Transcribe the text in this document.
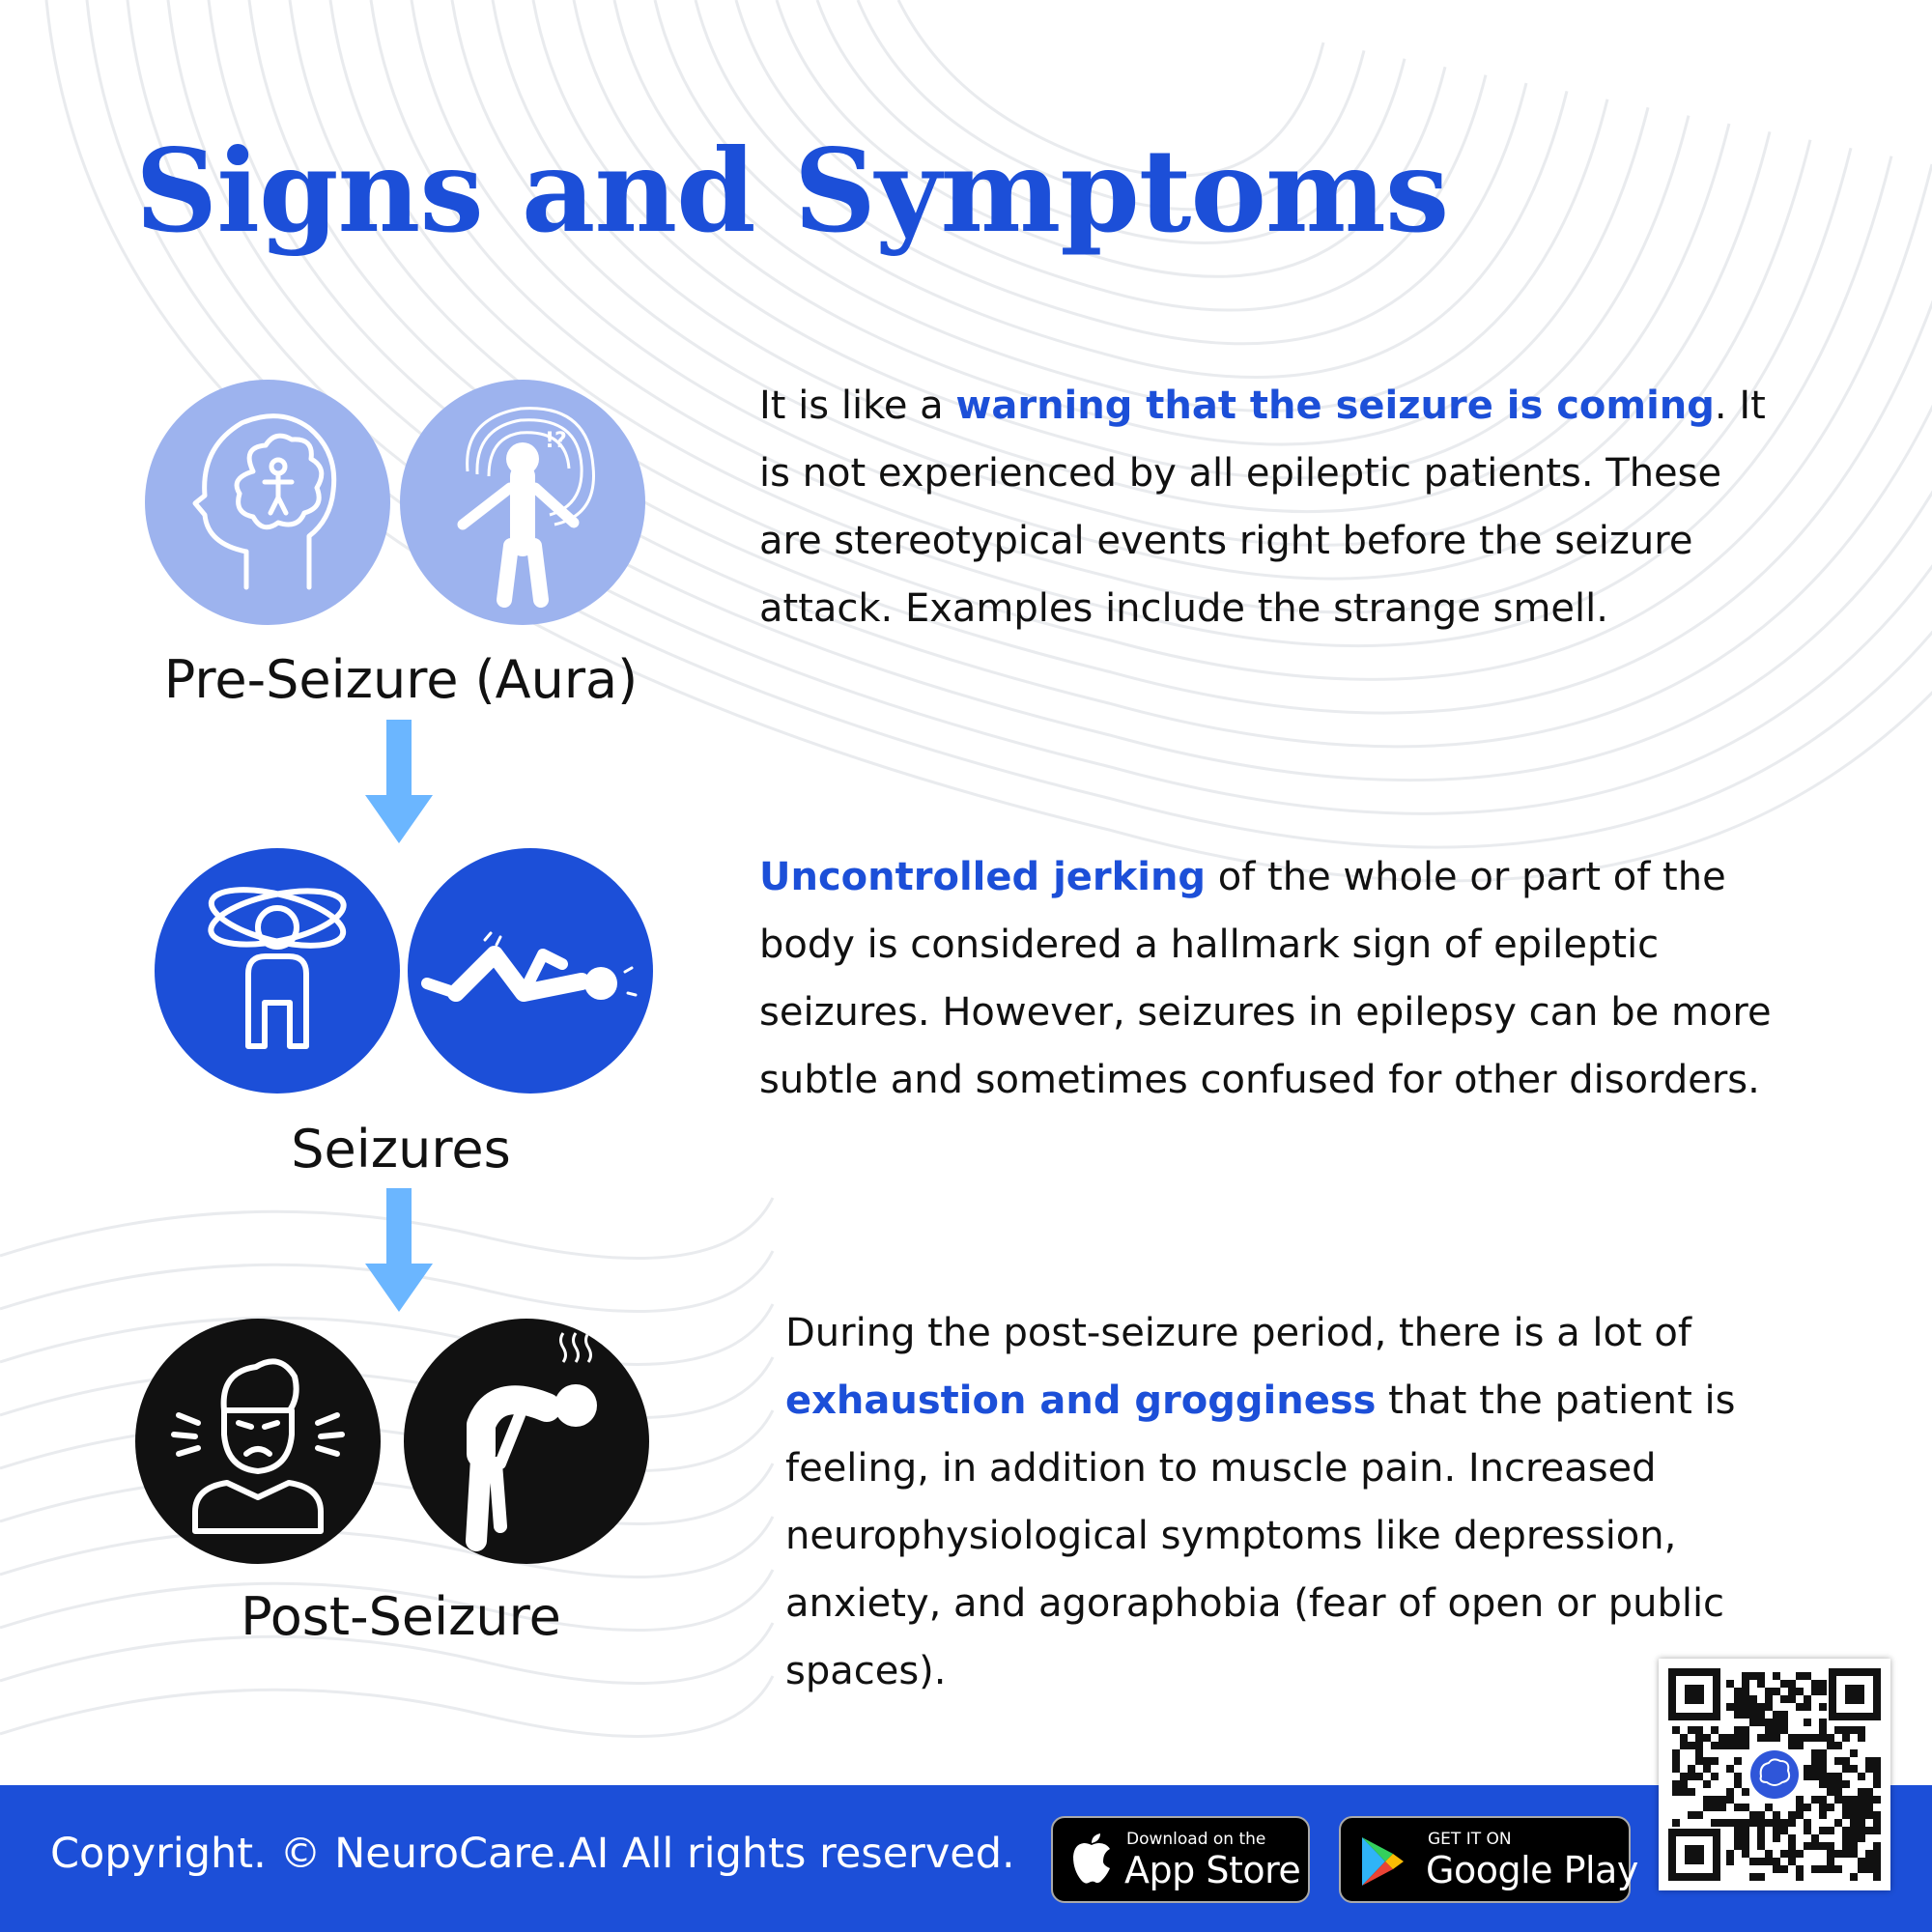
Signs and Symptoms
!?
Pre-Seizure (Aura)
It is like a warning that the seizure is coming. It is not experienced by all epileptic patients. These are stereotypical events right before the seizure attack. Examples include the strange smell.
Seizures
Uncontrolled jerking of the whole or part of the body is considered a hallmark sign of epileptic seizures. However, seizures in epilepsy can be more subtle and sometimes confused for other disorders.
Post-Seizure
During the post-seizure period, there is a lot of exhaustion and grogginess that the patient is feeling, in addition to muscle pain. Increased neurophysiological symptoms like depression, anxiety, and agoraphobia (fear of open or public spaces).
Copyright. © NeuroCare.AI All rights reserved.	Download on the
App Store
GET IT ON
Google Play
